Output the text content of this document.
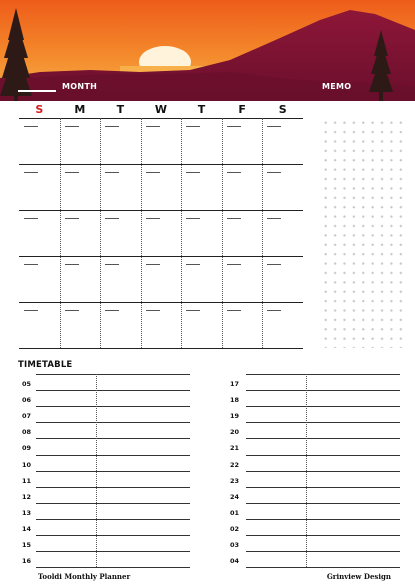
MONTH	MEMO
S	M	T	W	T	F	S
TIMETABLE
05
06
07
08
09
10
11
12
13
14
15
16
17
18
19
20
21
22
23
24
01
02
03
04
Tooldi Monthly Planner	Grinview Design
